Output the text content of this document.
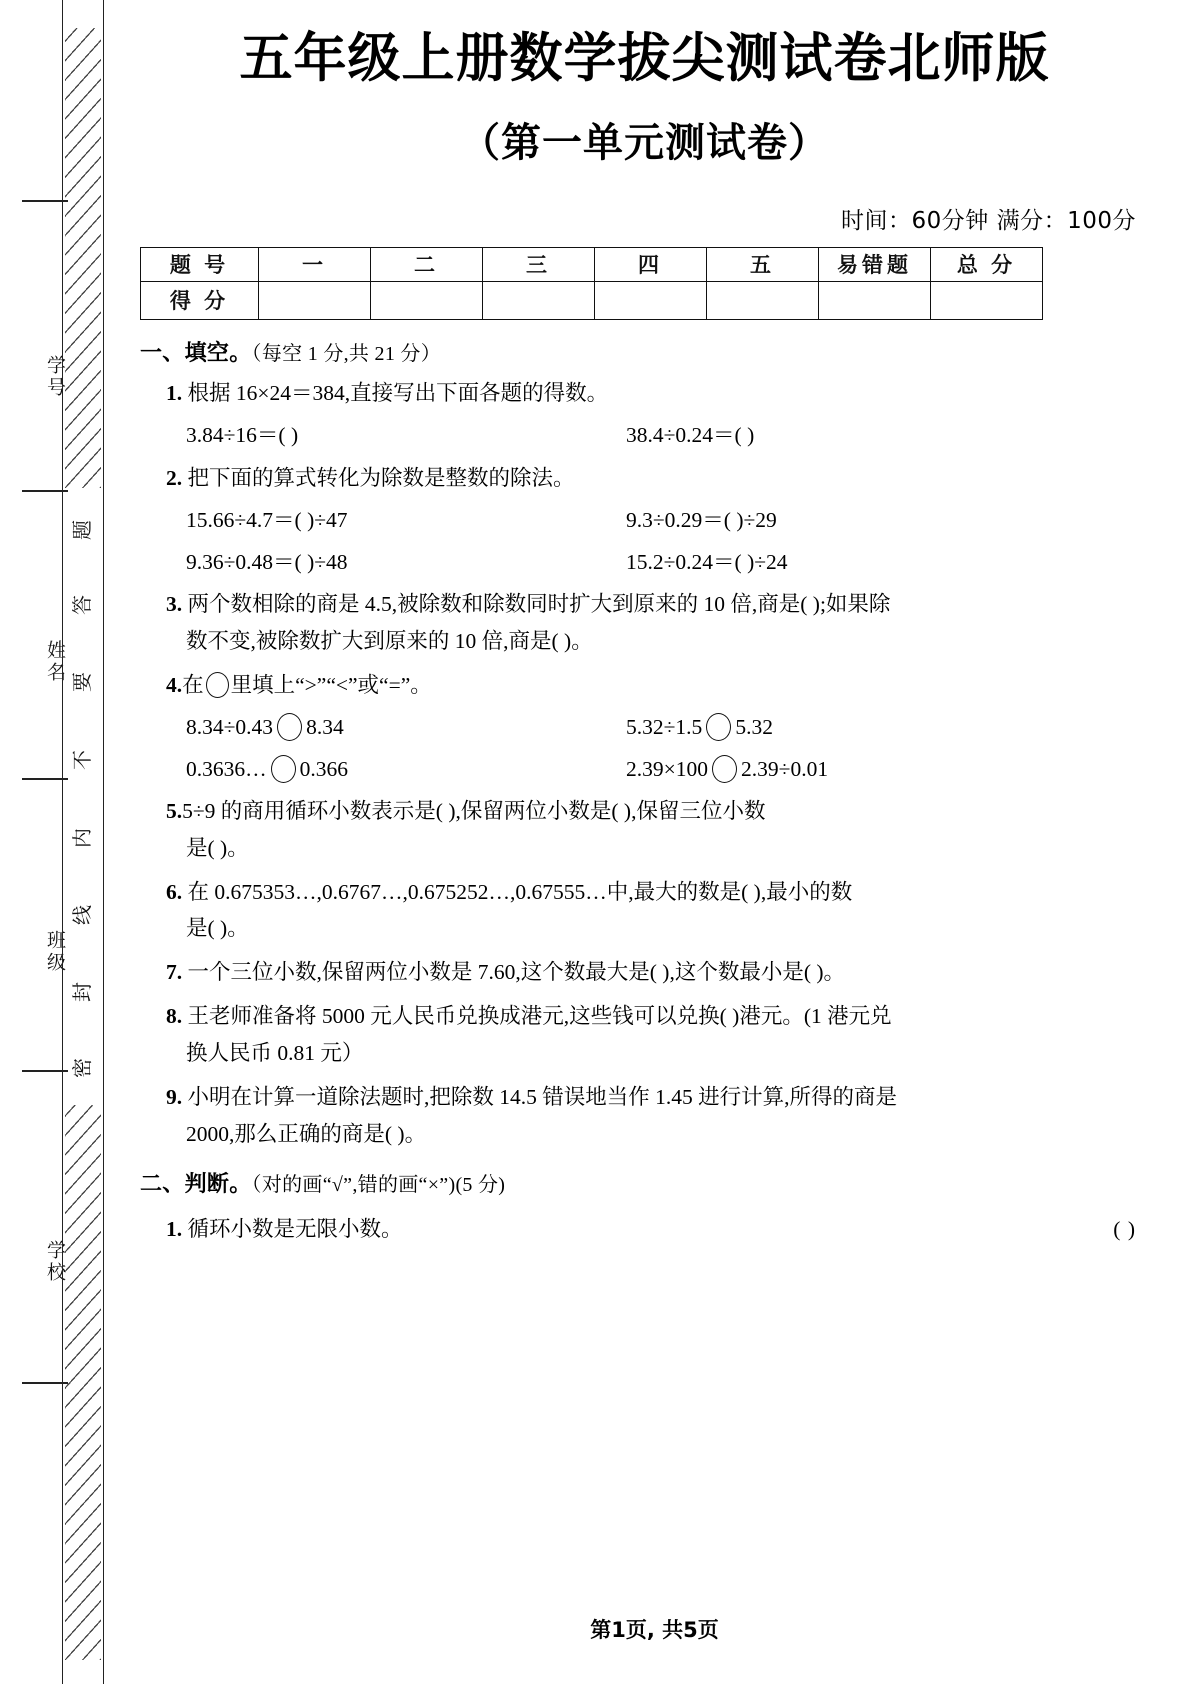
学号
姓名
班级
学校
题
答
要
不
内
线
封
密
五年级上册数学拔尖测试卷北师版
（第一单元测试卷）
时间：60分钟 满分：100分
题 号	一	二	三	四	五	易错题	总 分
得 分							
一、填空。（每空 1 分,共 21 分）
1. 根据 16×24＝384,直接写出下面各题的得数。
3.84÷16＝( )	38.4÷0.24＝( )
2. 把下面的算式转化为除数是整数的除法。
15.66÷4.7＝( )÷47	9.3÷0.29＝( )÷29
9.36÷0.48＝( )÷48	15.2÷0.24＝( )÷24
3. 两个数相除的商是 4.5,被除数和除数同时扩大到原来的 10 倍,商是( );如果除
数不变,被除数扩大到原来的 10 倍,商是( )。
4.在 里填上“>”“<”或“=”。
8.34÷0.43 8.34	5.32÷1.5 5.32
0.3636… 0.366	2.39×100 2.39÷0.01
5.5÷9 的商用循环小数表示是( ),保留两位小数是( ),保留三位小数
是( )。
6. 在 0.675353…,0.6767…,0.675252…,0.67555…中,最大的数是( ),最小的数
是( )。
7. 一个三位小数,保留两位小数是 7.60,这个数最大是( ),这个数最小是( )。
8. 王老师准备将 5000 元人民币兑换成港元,这些钱可以兑换( )港元。(1 港元兑
换人民币 0.81 元）
9. 小明在计算一道除法题时,把除数 14.5 错误地当作 1.45 进行计算,所得的商是
2000,那么正确的商是( )。
二、判断。（对的画“√”,错的画“×”)(5 分)
( )
1. 循环小数是无限小数。
第1页, 共5页
